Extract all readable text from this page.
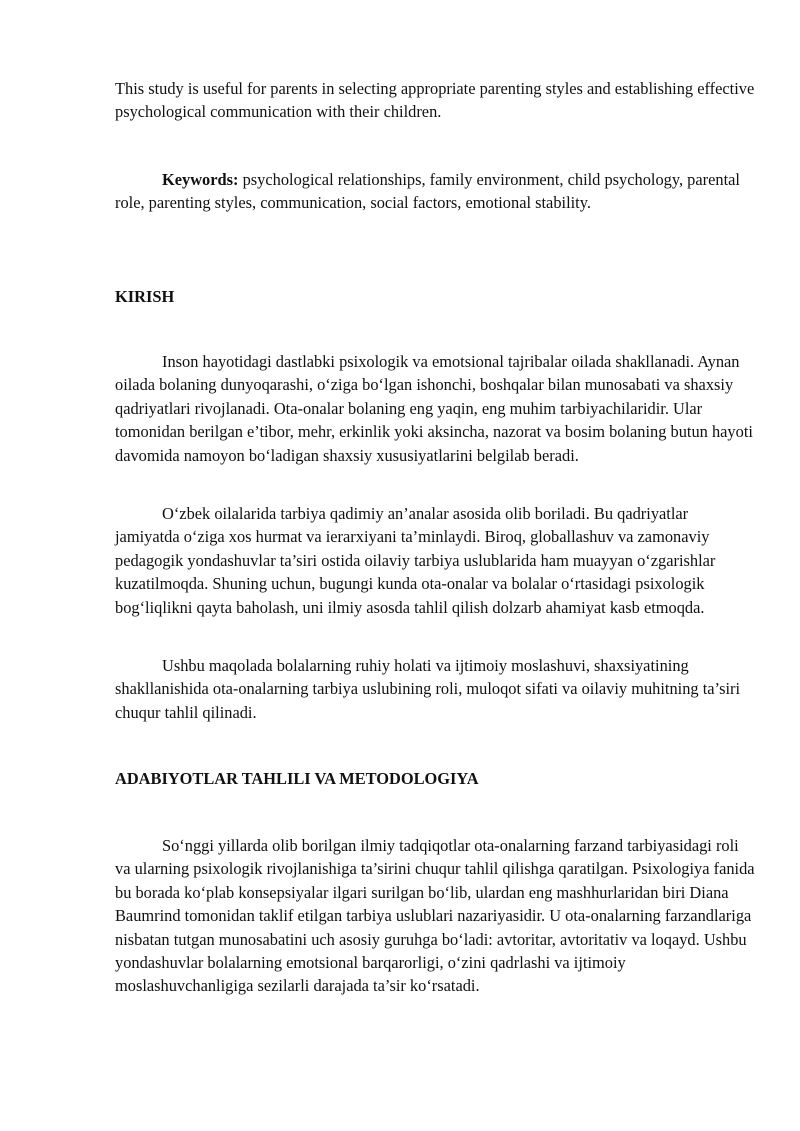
This study is useful for parents in selecting appropriate parenting styles and establishing effective psychological communication with their children.

Keywords: psychological relationships, family environment, child psychology, parental role, parenting styles, communication, social factors, emotional stability.

KIRISH

Inson hayotidagi dastlabki psixologik va emotsional tajribalar oilada shakllanadi. Aynan oilada bolaning dunyoqarashi, o‘ziga bo‘lgan ishonchi, boshqalar bilan munosabati va shaxsiy qadriyatlari rivojlanadi. Ota-onalar bolaning eng yaqin, eng muhim tarbiyachilaridir. Ular tomonidan berilgan e’tibor, mehr, erkinlik yoki aksincha, nazorat va bosim bolaning butun hayoti davomida namoyon bo‘ladigan shaxsiy xususiyatlarini belgilab beradi.

O‘zbek oilalarida tarbiya qadimiy an’analar asosida olib boriladi. Bu qadriyatlar jamiyatda o‘ziga xos hurmat va ierarxiyani ta’minlaydi. Biroq, globallashuv va zamonaviy pedagogik yondashuvlar ta’siri ostida oilaviy tarbiya uslublarida ham muayyan o‘zgarishlar kuzatilmoqda. Shuning uchun, bugungi kunda ota-onalar va bolalar o‘rtasidagi psixologik bog‘liqlikni qayta baholash, uni ilmiy asosda tahlil qilish dolzarb ahamiyat kasb etmoqda.

Ushbu maqolada bolalarning ruhiy holati va ijtimoiy moslashuvi, shaxsiyatining shakllanishida ota-onalarning tarbiya uslubining roli, muloqot sifati va oilaviy muhitning ta’siri chuqur tahlil qilinadi.

ADABIYOTLAR TAHLILI VA METODOLOGIYA

So‘nggi yillarda olib borilgan ilmiy tadqiqotlar ota-onalarning farzand tarbiyasidagi roli va ularning psixologik rivojlanishiga ta’sirini chuqur tahlil qilishga qaratilgan. Psixologiya fanida bu borada ko‘plab konsepsiyalar ilgari surilgan bo‘lib, ulardan eng mashhurlaridan biri Diana Baumrind tomonidan taklif etilgan tarbiya uslublari nazariyasidir. U ota-onalarning farzandlariga nisbatan tutgan munosabatini uch asosiy guruhga bo‘ladi: avtoritar, avtoritativ va loqayd. Ushbu yondashuvlar bolalarning emotsional barqarorligi, o‘zini qadrlashi va ijtimoiy moslashuvchanligiga sezilarli darajada ta’sir ko‘rsatadi.
